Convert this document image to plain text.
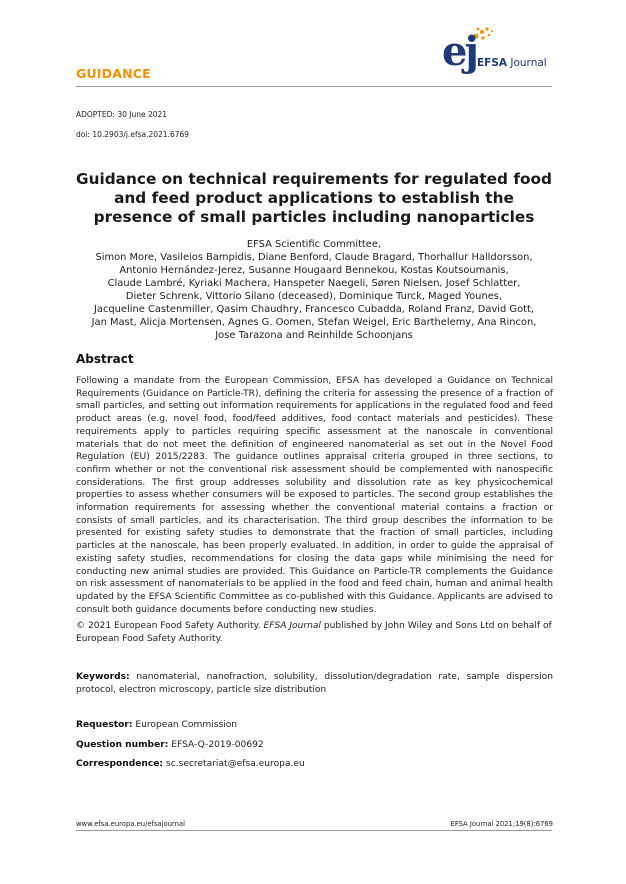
GUIDANCE	ej EFSA Journal
ADOPTED: 30 June 2021
doi: 10.2903/j.efsa.2021.6769
Guidance on technical requirements for regulated food and feed product applications to establish the presence of small particles including nanoparticles
EFSA Scientific Committee,
Simon More, Vasileios Bampidis, Diane Benford, Claude Bragard, Thorhallur Halldorsson,
Antonio Hernández-Jerez, Susanne Hougaard Bennekou, Kostas Koutsoumanis,
Claude Lambré, Kyriaki Machera, Hanspeter Naegeli, Søren Nielsen, Josef Schlatter,
Dieter Schrenk, Vittorio Silano (deceased), Dominique Turck, Maged Younes,
Jacqueline Castenmiller, Qasim Chaudhry, Francesco Cubadda, Roland Franz, David Gott,
Jan Mast, Alicja Mortensen, Agnes G. Oomen, Stefan Weigel, Eric Barthelemy, Ana Rincon,
Jose Tarazona and Reinhilde Schoonjans
Abstract
Following a mandate from the European Commission, EFSA has developed a Guidance on Technical Requirements (Guidance on Particle-TR), defining the criteria for assessing the presence of a fraction of small particles, and setting out information requirements for applications in the regulated food and feed product areas (e.g. novel food, food/feed additives, food contact materials and pesticides). These requirements apply to particles requiring specific assessment at the nanoscale in conventional materials that do not meet the definition of engineered nanomaterial as set out in the Novel Food Regulation (EU) 2015/2283. The guidance outlines appraisal criteria grouped in three sections, to confirm whether or not the conventional risk assessment should be complemented with nanospecific considerations. The first group addresses solubility and dissolution rate as key physicochemical properties to assess whether consumers will be exposed to particles. The second group establishes the information requirements for assessing whether the conventional material contains a fraction or consists of small particles, and its characterisation. The third group describes the information to be presented for existing safety studies to demonstrate that the fraction of small particles, including particles at the nanoscale, has been properly evaluated. In addition, in order to guide the appraisal of existing safety studies, recommendations for closing the data gaps while minimising the need for conducting new animal studies are provided. This Guidance on Particle-TR complements the Guidance on risk assessment of nanomaterials to be applied in the food and feed chain, human and animal health updated by the EFSA Scientific Committee as co-published with this Guidance. Applicants are advised to consult both guidance documents before conducting new studies.
© 2021 European Food Safety Authority. EFSA Journal published by John Wiley and Sons Ltd on behalf of European Food Safety Authority.
Keywords: nanomaterial, nanofraction, solubility, dissolution/degradation rate, sample dispersion protocol, electron microscopy, particle size distribution
Requestor: European Commission
Question number: EFSA-Q-2019-00692
Correspondence: sc.secretariat@efsa.europa.eu
www.efsa.europa.eu/efsajournal	EFSA Journal 2021;19(8):6769
